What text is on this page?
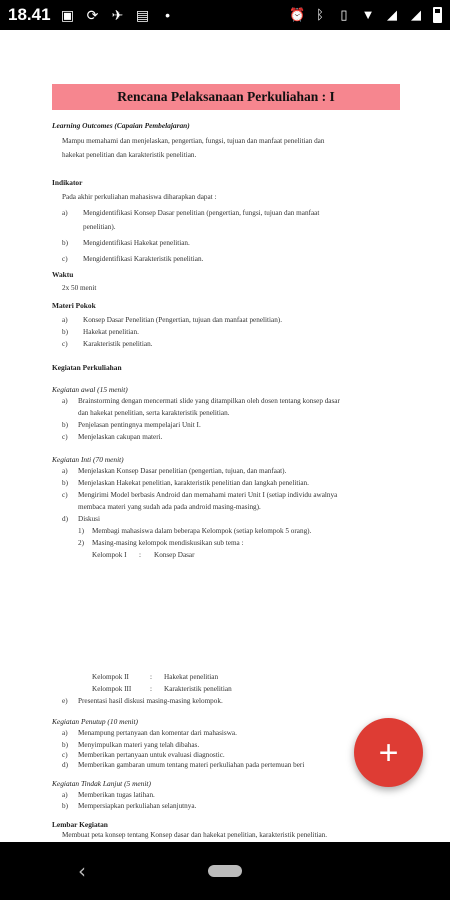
18.41 ▣ ⟳ ✈ ▤	•	⏰ ᛒ ▯ ▼ ◢ ◢
Rencana Pelaksanaan Perkuliahan : I
Learning Outcomes (Capaian Pembelajaran)
Mampu memahami dan menjelaskan, pengertian, fungsi, tujuan dan manfaat penelitian dan
hakekat penelitian dan karakteristik penelitian.
Indikator
Pada akhir perkuliahan mahasiswa diharapkan dapat :
a) Mengidentifikasi Konsep Dasar penelitian (pengertian, fungsi, tujuan dan manfaat
penelitian).
b) Mengidentifikasi Hakekat penelitian.
c) Mengidentifikasi Karakteristik penelitian.
Waktu
2x 50 menit
Materi Pokok
a) Konsep Dasar Penelitian (Pengertian, tujuan dan manfaat penelitian).
b) Hakekat penelitian.
c) Karakteristik penelitian.
Kegiatan Perkuliahan
Kegiatan awal (15 menit)
a) Brainstorming dengan mencermati slide yang ditampilkan oleh dosen tentang konsep dasar
dan hakekat penelitian, serta karakteristik penelitian.
b) Penjelasan pentingnya mempelajari Unit I.
c) Menjelaskan cakupan materi.
Kegiatan Inti (70 menit)
a) Menjelaskan Konsep Dasar penelitian (pengertian, tujuan, dan manfaat).
b) Menjelaskan Hakekat penelitian, karakteristik penelitian dan langkah penelitian.
c) Mengirimi Model berbasis Android dan memahami materi Unit I (setiap individu awalnya
membaca materi yang sudah ada pada android masing-masing).
d) Diskusi
1) Membagi mahasiswa dalam beberapa Kelompok (setiap kelompok 5 orang).
2) Masing-masing kelompok mendiskusikan sub tema :
Kelompok I : Konsep Dasar
Kelompok II	: Hakekat penelitian
Kelompok III	: Karakteristik penelitian
e) Presentasi hasil diskusi masing-masing kelompok.
Kegiatan Penutup (10 menit)
a) Menampung pertanyaan dan komentar dari mahasiswa.
b) Menyimpulkan materi yang telah dibahas.
c) Memberikan pertanyaan untuk evaluasi diagnostic.
d) Memberikan gambaran umum tentang materi perkuliahan pada pertemuan beri
Kegiatan Tindak Lanjut (5 menit)
a) Memberikan tugas latihan.
b) Mempersiapkan perkuliahan selanjutnya.
Lembar Kegiatan
Membuat peta konsep tentang Konsep dasar dan hakekat penelitian, karakteristik penelitian.
+
‹
